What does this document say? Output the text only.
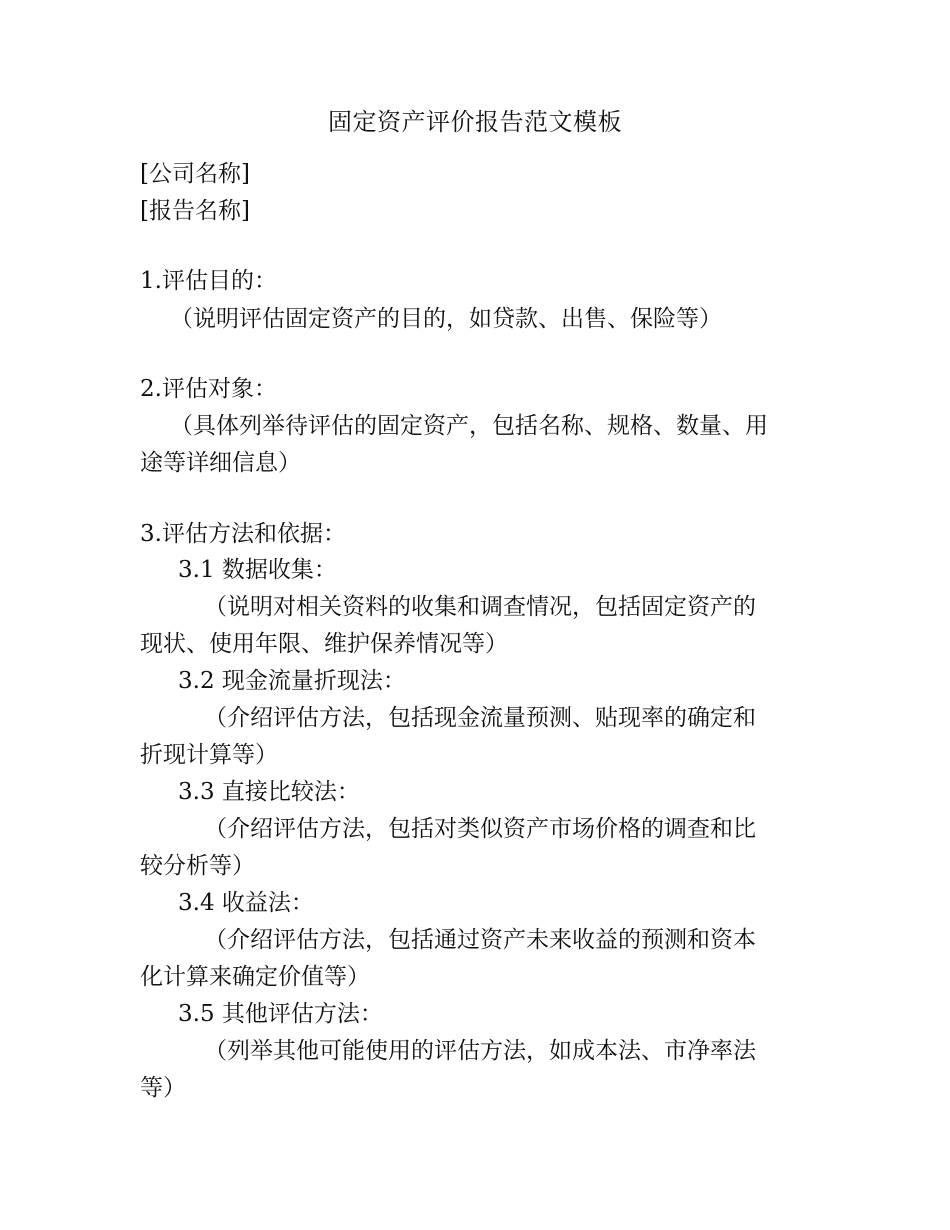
固定资产评价报告范文模板
[公司名称]
[报告名称]
1.评估目的：
（说明评估固定资产的目的，如贷款、出售、保险等）
2.评估对象：
（具体列举待评估的固定资产，包括名称、规格、数量、用
途等详细信息）
3.评估方法和依据：
3.1 数据收集：
（说明对相关资料的收集和调查情况，包括固定资产的
现状、使用年限、维护保养情况等）
3.2 现金流量折现法：
（介绍评估方法，包括现金流量预测、贴现率的确定和
折现计算等）
3.3 直接比较法：
（介绍评估方法，包括对类似资产市场价格的调查和比
较分析等）
3.4 收益法：
（介绍评估方法，包括通过资产未来收益的预测和资本
化计算来确定价值等）
3.5 其他评估方法：
（列举其他可能使用的评估方法，如成本法、市净率法
等）
